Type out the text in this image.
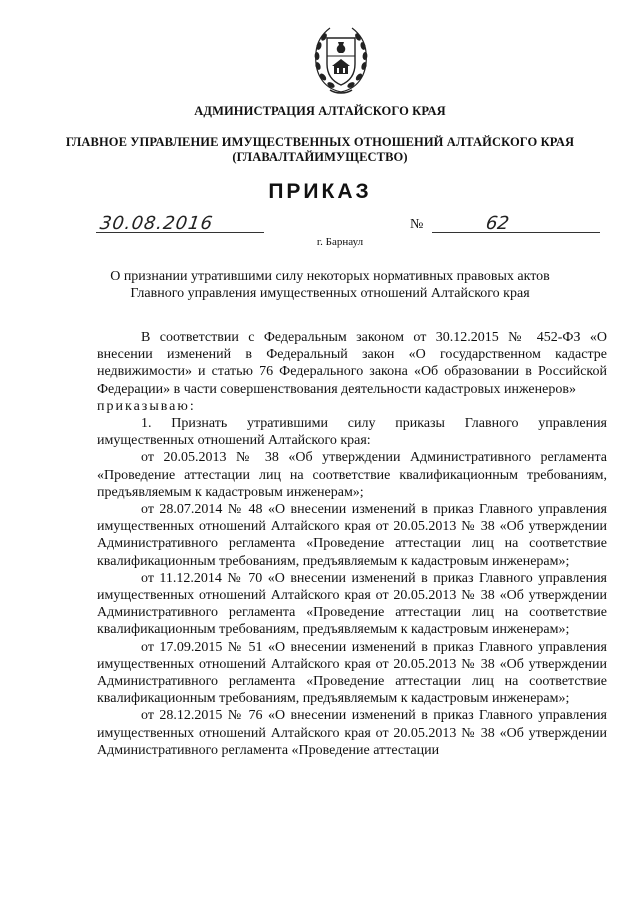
АДМИНИСТРАЦИЯ АЛТАЙСКОГО КРАЯ
ГЛАВНОЕ УПРАВЛЕНИЕ ИМУЩЕСТВЕННЫХ ОТНОШЕНИЙ АЛТАЙСКОГО КРАЯ
(ГЛАВАЛТАЙИМУЩЕСТВО)
ПРИКАЗ
30.08.2016	№	62
г. Барнаул
О признании утратившими силу некоторых нормативных правовых актов
Главного управления имущественных отношений Алтайского края

В соответствии с Федеральным законом от 30.12.2015 № 452-ФЗ «О внесении изменений в Федеральный закон «О государственном кадастре недвижимости» и статью 76 Федерального закона «Об образовании в Российской Федерации» в части совершенствования деятельности кадастровых инженеров»

приказываю:

1. Признать утратившими силу приказы Главного управления имущественных отношений Алтайского края:

от 20.05.2013 № 38 «Об утверждении Административного регламента «Проведение аттестации лиц на соответствие квалификационным требованиям, предъявляемым к кадастровым инженерам»;

от 28.07.2014 № 48 «О внесении изменений в приказ Главного управления имущественных отношений Алтайского края от 20.05.2013 № 38 «Об утверждении Административного регламента «Проведение аттестации лиц на соответствие квалификационным требованиям, предъявляемым к кадастровым инженерам»;

от 11.12.2014 № 70 «О внесении изменений в приказ Главного управления имущественных отношений Алтайского края от 20.05.2013 № 38 «Об утверждении Административного регламента «Проведение аттестации лиц на соответствие квалификационным требованиям, предъявляемым к кадастровым инженерам»;

от 17.09.2015 № 51 «О внесении изменений в приказ Главного управления имущественных отношений Алтайского края от 20.05.2013 № 38 «Об утверждении Административного регламента «Проведение аттестации лиц на соответствие квалификационным требованиям, предъявляемым к кадастровым инженерам»;

от 28.12.2015 № 76 «О внесении изменений в приказ Главного управления имущественных отношений Алтайского края от 20.05.2013 № 38 «Об утверждении Административного регламента «Проведение аттестации
